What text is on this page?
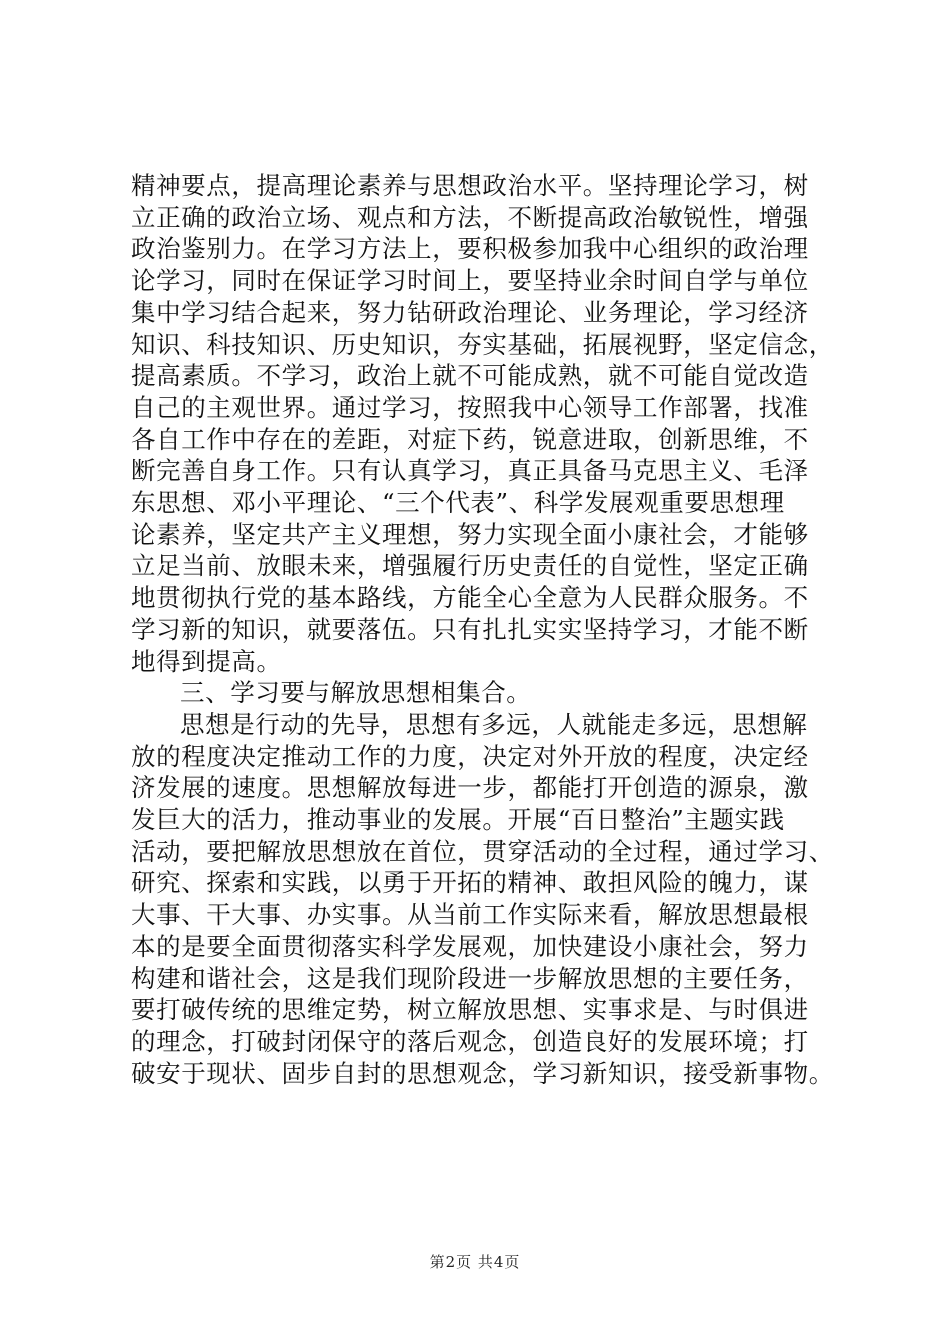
精神要点，提高理论素养与思想政治水平。坚持理论学习，树
立正确的政治立场、观点和方法，不断提高政治敏锐性，增强
政治鉴别力。在学习方法上，要积极参加我中心组织的政治理
论学习，同时在保证学习时间上，要坚持业余时间自学与单位
集中学习结合起来，努力钻研政治理论、业务理论，学习经济
知识、科技知识、历史知识，夯实基础，拓展视野，坚定信念，
提高素质。不学习，政治上就不可能成熟，就不可能自觉改造
自己的主观世界。通过学习，按照我中心领导工作部署，找准
各自工作中存在的差距，对症下药，锐意进取，创新思维，不
断完善自身工作。只有认真学习，真正具备马克思主义、毛泽
东思想、邓小平理论、“三个代表”、科学发展观重要思想理
论素养，坚定共产主义理想，努力实现全面小康社会，才能够
立足当前、放眼未来，增强履行历史责任的自觉性，坚定正确
地贯彻执行党的基本路线，方能全心全意为人民群众服务。不
学习新的知识，就要落伍。只有扎扎实实坚持学习，才能不断
地得到提高。
三、学习要与解放思想相集合。
思想是行动的先导，思想有多远，人就能走多远，思想解
放的程度决定推动工作的力度，决定对外开放的程度，决定经
济发展的速度。思想解放每进一步，都能打开创造的源泉，激
发巨大的活力，推动事业的发展。开展“百日整治”主题实践
活动，要把解放思想放在首位，贯穿活动的全过程，通过学习、
研究、探索和实践，以勇于开拓的精神、敢担风险的魄力，谋
大事、干大事、办实事。从当前工作实际来看，解放思想最根
本的是要全面贯彻落实科学发展观，加快建设小康社会，努力
构建和谐社会，这是我们现阶段进一步解放思想的主要任务，
要打破传统的思维定势，树立解放思想、实事求是、与时俱进
的理念，打破封闭保守的落后观念，创造良好的发展环境；打
破安于现状、固步自封的思想观念，学习新知识，接受新事物。
第2页 共4页
